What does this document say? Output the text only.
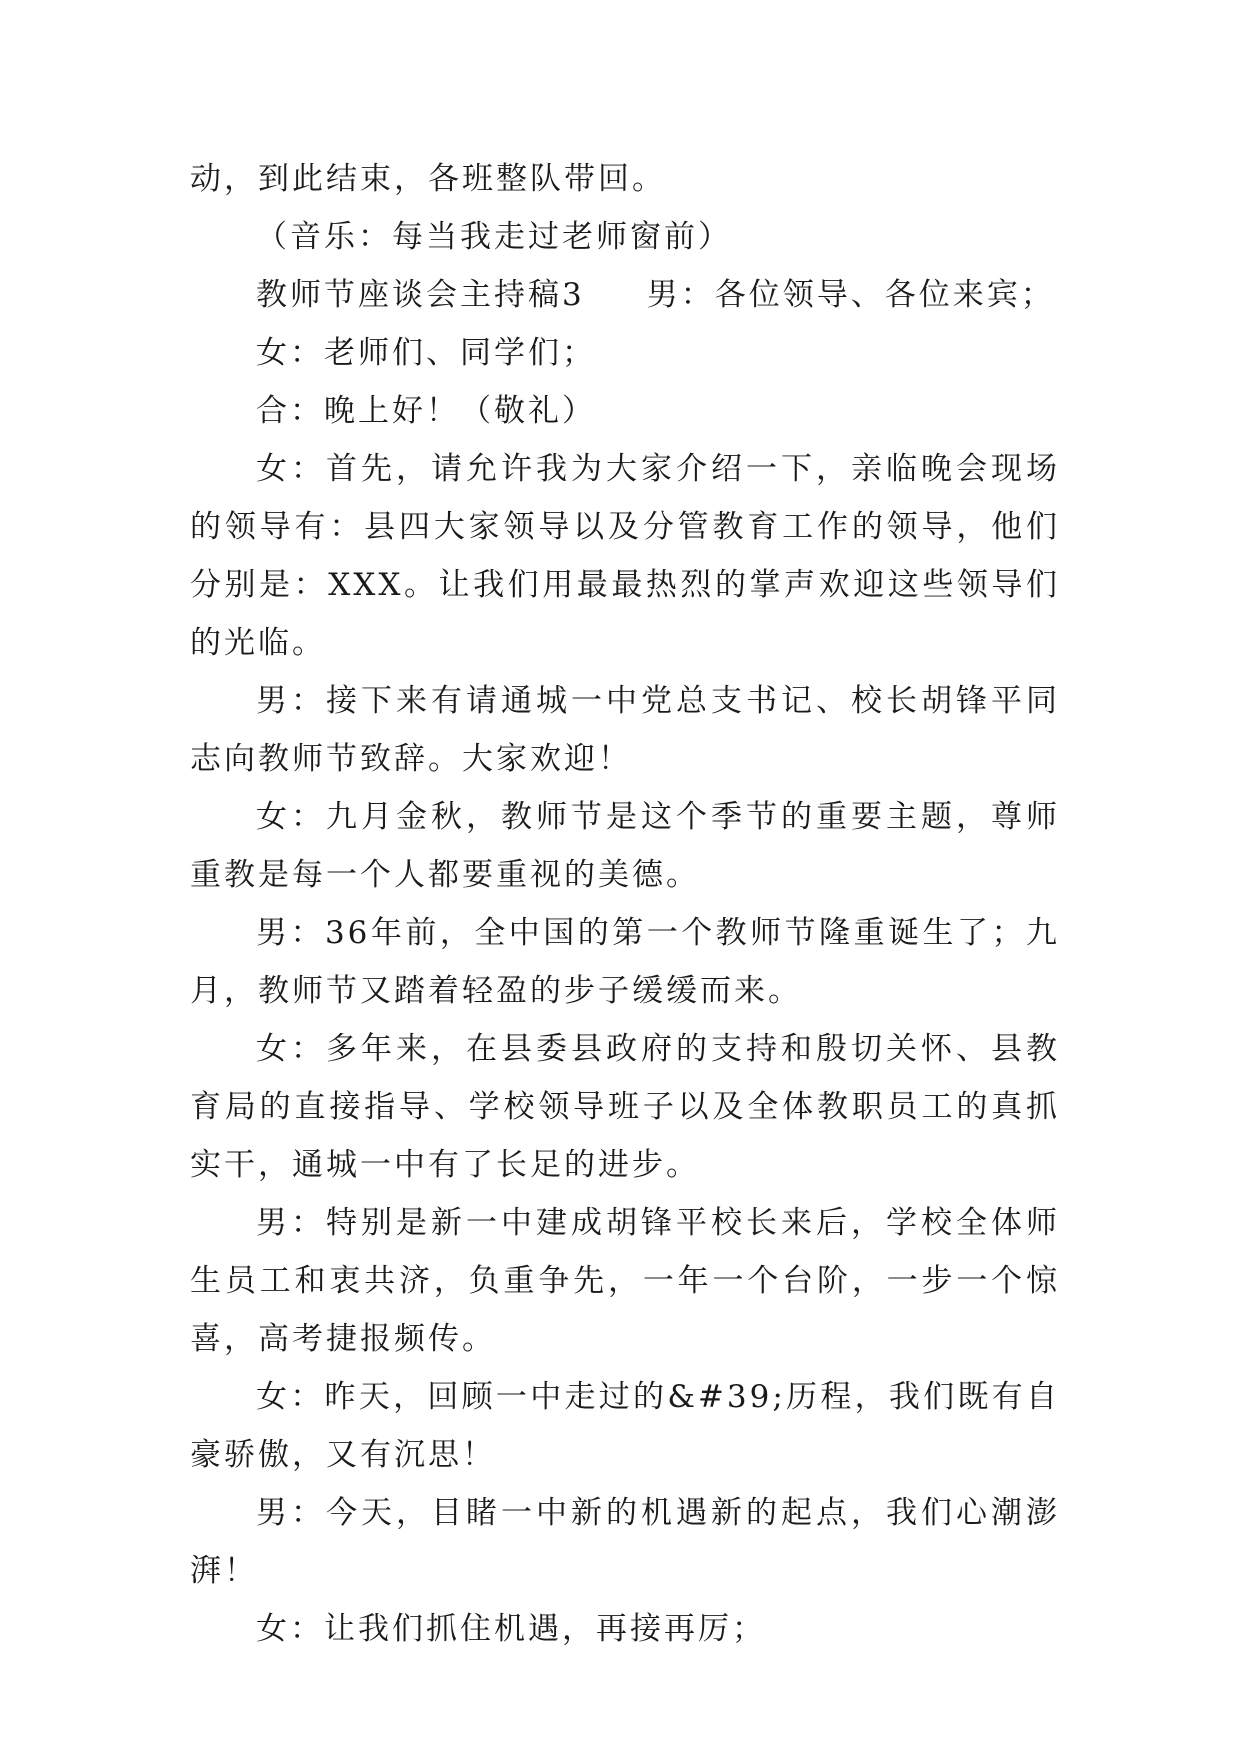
动，到此结束，各班整队带回。

（音乐：每当我走过老师窗前）

教师节座谈会主持稿3 男：各位领导、各位来宾；

女：老师们、同学们；

合：晚上好！（敬礼）

女：首先，请允许我为大家介绍一下，亲临晚会现场的领导有：县四大家领导以及分管教育工作的领导，他们分别是：XXX。让我们用最最热烈的掌声欢迎这些领导们的光临。

男：接下来有请通城一中党总支书记、校长胡锋平同志向教师节致辞。大家欢迎！

女：九月金秋，教师节是这个季节的重要主题，尊师重教是每一个人都要重视的美德。

男：36年前，全中国的第一个教师节隆重诞生了；九月，教师节又踏着轻盈的步子缓缓而来。

女：多年来，在县委县政府的支持和殷切关怀、县教育局的直接指导、学校领导班子以及全体教职员工的真抓实干，通城一中有了长足的进步。

男：特别是新一中建成胡锋平校长来后，学校全体师生员工和衷共济，负重争先，一年一个台阶，一步一个惊喜，高考捷报频传。

女：昨天，回顾一中走过的&#39;历程，我们既有自豪骄傲，又有沉思！

男：今天，目睹一中新的机遇新的起点，我们心潮澎湃！

女：让我们抓住机遇，再接再厉；
